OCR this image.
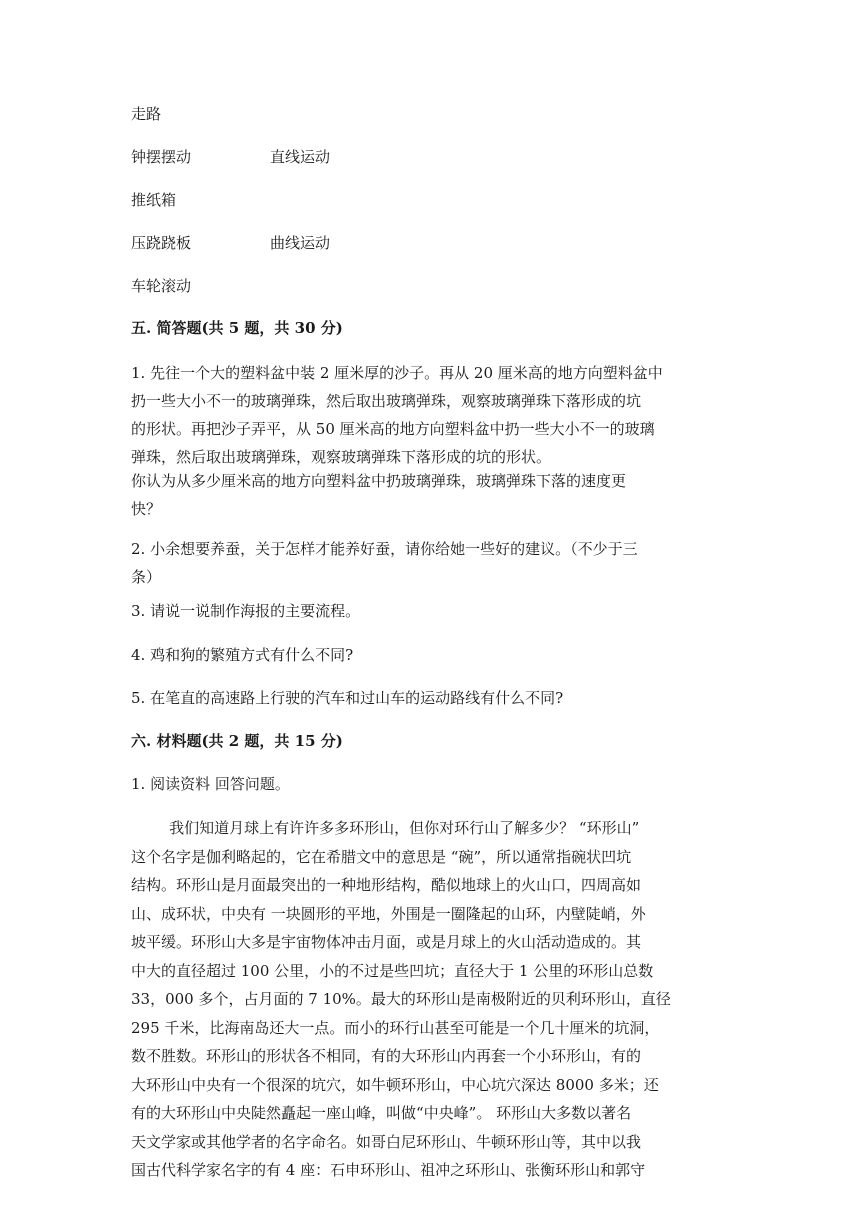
走路
钟摆摆动	直线运动
推纸箱
压跷跷板	曲线运动
车轮滚动
五. 简答题(共 5 题，共 30 分)
1. 先往一个大的塑料盆中装 2 厘米厚的沙子。再从 20 厘米高的地方向塑料盆中
扔一些大小不一的玻璃弹珠，然后取出玻璃弹珠，观察玻璃弹珠下落形成的坑
的形状。再把沙子弄平，从 50 厘米高的地方向塑料盆中扔一些大小不一的玻璃
弹珠，然后取出玻璃弹珠，观察玻璃弹珠下落形成的坑的形状。
你认为从多少厘米高的地方向塑料盆中扔玻璃弹珠，玻璃弹珠下落的速度更
快？
2. 小余想要养蚕，关于怎样才能养好蚕，请你给她一些好的建议。（不少于三
条）
3. 请说一说制作海报的主要流程。
4. 鸡和狗的繁殖方式有什么不同?
5. 在笔直的高速路上行驶的汽车和过山车的运动路线有什么不同?
六. 材料题(共 2 题，共 15 分)
1. 阅读资料 回答问题。
我们知道月球上有许许多多环形山，但你对环行山了解多少？ “环形山”
这个名字是伽利略起的，它在希腊文中的意思是 “碗”，所以通常指碗状凹坑
结构。环形山是月面最突出的一种地形结构，酷似地球上的火山口，四周高如
山、成环状，中央有 一块圆形的平地，外围是一圈隆起的山环，内壁陡峭，外
坡平缓。环形山大多是宇宙物体冲击月面，或是月球上的火山活动造成的。其
中大的直径超过 100 公里，小的不过是些凹坑；直径大于 1 公里的环形山总数
33，000 多个，占月面的 7 10%。最大的环形山是南极附近的贝利环形山，直径
295 千米，比海南岛还大一点。而小的环行山甚至可能是一个几十厘米的坑洞，
数不胜数。环形山的形状各不相同，有的大环形山内再套一个小环形山，有的
大环形山中央有一个很深的坑穴，如牛顿环形山，中心坑穴深达 8000 多米；还
有的大环形山中央陡然矗起一座山峰，叫做“中央峰”。 环形山大多数以著名
天文学家或其他学者的名字命名。如哥白尼环形山、牛顿环形山等，其中以我
国古代科学家名字的有 4 座：石申环形山、祖冲之环形山、张衡环形山和郭守
